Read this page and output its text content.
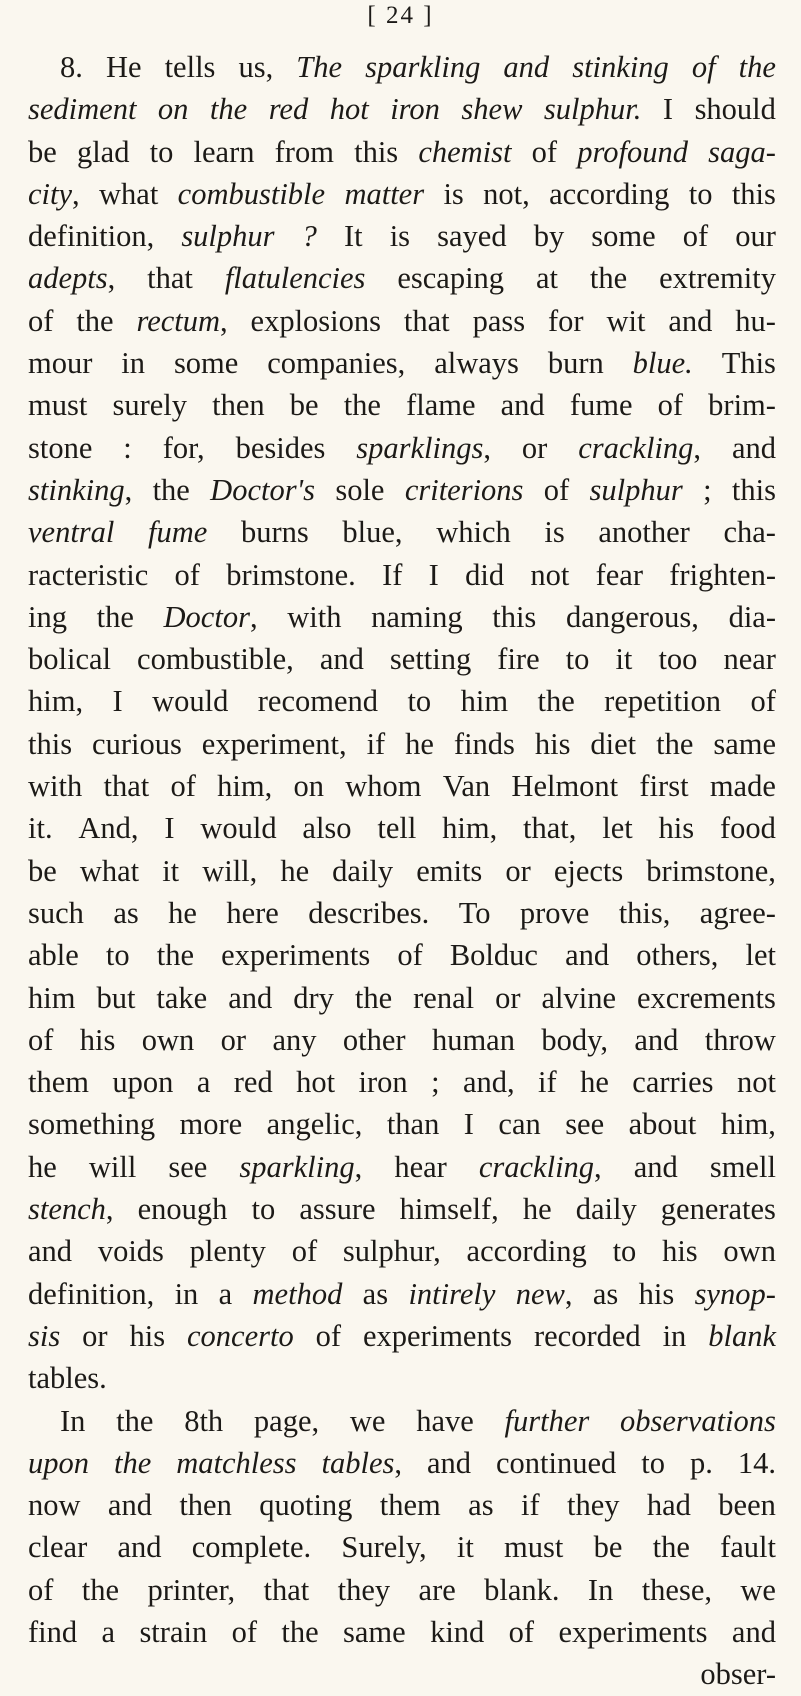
[ 24 ]
8. He tells us, The sparkling and stinking of the
sediment on the red hot iron shew sulphur. I should
be glad to learn from this chemist of profound saga-
city, what combustible matter is not, according to this
definition, sulphur ? It is sayed by some of our
adepts, that flatulencies escaping at the extremity
of the rectum, explosions that pass for wit and hu-
mour in some companies, always burn blue. This
must surely then be the flame and fume of brim-
stone : for, besides sparklings, or crackling, and
stinking, the Doctor's sole criterions of sulphur ; this
ventral fume burns blue, which is another cha-
racteristic of brimstone. If I did not fear frighten-
ing the Doctor, with naming this dangerous, dia-
bolical combustible, and setting fire to it too near
him, I would recomend to him the repetition of
this curious experiment, if he finds his diet the same
with that of him, on whom Van Helmont first made
it. And, I would also tell him, that, let his food
be what it will, he daily emits or ejects brimstone,
such as he here describes. To prove this, agree-
able to the experiments of Bolduc and others, let
him but take and dry the renal or alvine excrements
of his own or any other human body, and throw
them upon a red hot iron ; and, if he carries not
something more angelic, than I can see about him,
he will see sparkling, hear crackling, and smell
stench, enough to assure himself, he daily generates
and voids plenty of sulphur, according to his own
definition, in a method as intirely new, as his synop-
sis or his concerto of experiments recorded in blank
tables.
In the 8th page, we have further observations
upon the matchless tables, and continued to p. 14.
now and then quoting them as if they had been
clear and complete. Surely, it must be the fault
of the printer, that they are blank. In these, we
find a strain of the same kind of experiments and
obser-
